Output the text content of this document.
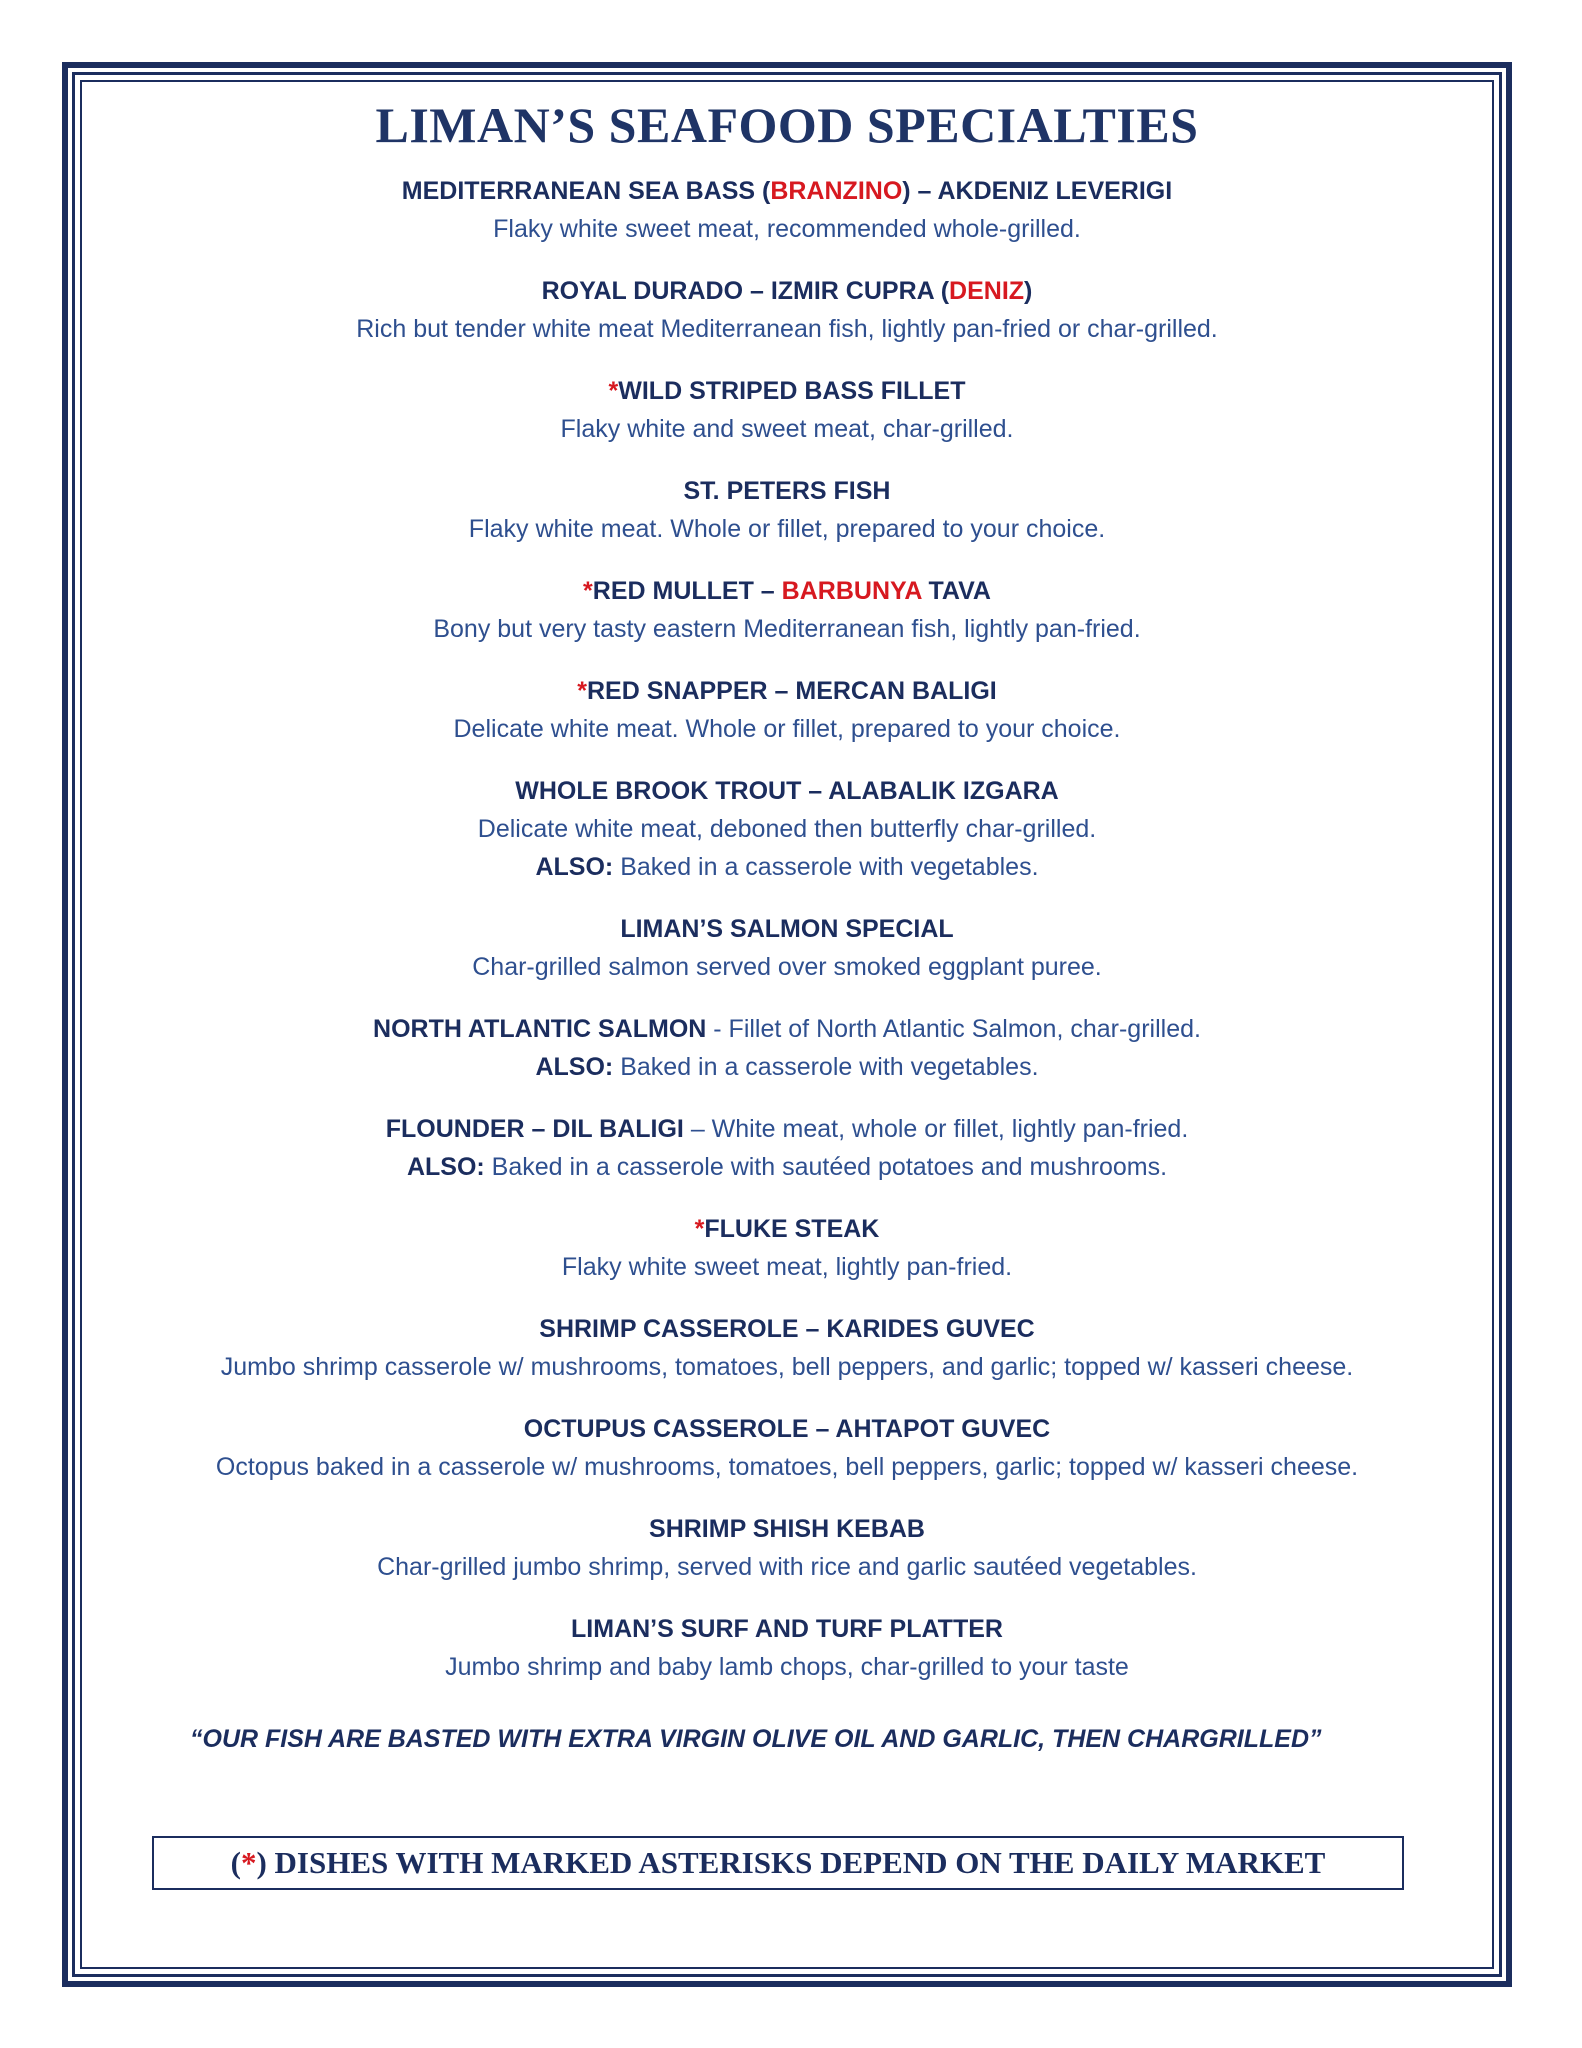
LIMAN’S SEAFOOD SPECIALTIES
MEDITERRANEAN SEA BASS (BRANZINO) – AKDENIZ LEVERIGI
Flaky white sweet meat, recommended whole-grilled.
ROYAL DURADO – IZMIR CUPRA (DENIZ)
Rich but tender white meat Mediterranean fish, lightly pan-fried or char-grilled.
*WILD STRIPED BASS FILLET
Flaky white and sweet meat, char-grilled.
ST. PETERS FISH
Flaky white meat. Whole or fillet, prepared to your choice.
*RED MULLET – BARBUNYA TAVA
Bony but very tasty eastern Mediterranean fish, lightly pan-fried.
*RED SNAPPER – MERCAN BALIGI
Delicate white meat. Whole or fillet, prepared to your choice.
WHOLE BROOK TROUT – ALABALIK IZGARA
Delicate white meat, deboned then butterfly char-grilled.
ALSO: Baked in a casserole with vegetables.
LIMAN’S SALMON SPECIAL
Char-grilled salmon served over smoked eggplant puree.
NORTH ATLANTIC SALMON - Fillet of North Atlantic Salmon, char-grilled.
ALSO: Baked in a casserole with vegetables.
FLOUNDER – DIL BALIGI – White meat, whole or fillet, lightly pan-fried.
ALSO: Baked in a casserole with sautéed potatoes and mushrooms.
*FLUKE STEAK
Flaky white sweet meat, lightly pan-fried.
SHRIMP CASSEROLE – KARIDES GUVEC
Jumbo shrimp casserole w/ mushrooms, tomatoes, bell peppers, and garlic; topped w/ kasseri cheese.
OCTUPUS CASSEROLE – AHTAPOT GUVEC
Octopus baked in a casserole w/ mushrooms, tomatoes, bell peppers, garlic; topped w/ kasseri cheese.
SHRIMP SHISH KEBAB
Char-grilled jumbo shrimp, served with rice and garlic sautéed vegetables.
LIMAN’S SURF AND TURF PLATTER
Jumbo shrimp and baby lamb chops, char-grilled to your taste
“OUR FISH ARE BASTED WITH EXTRA VIRGIN OLIVE OIL AND GARLIC, THEN CHARGRILLED”
(*) DISHES WITH MARKED ASTERISKS DEPEND ON THE DAILY MARKET
